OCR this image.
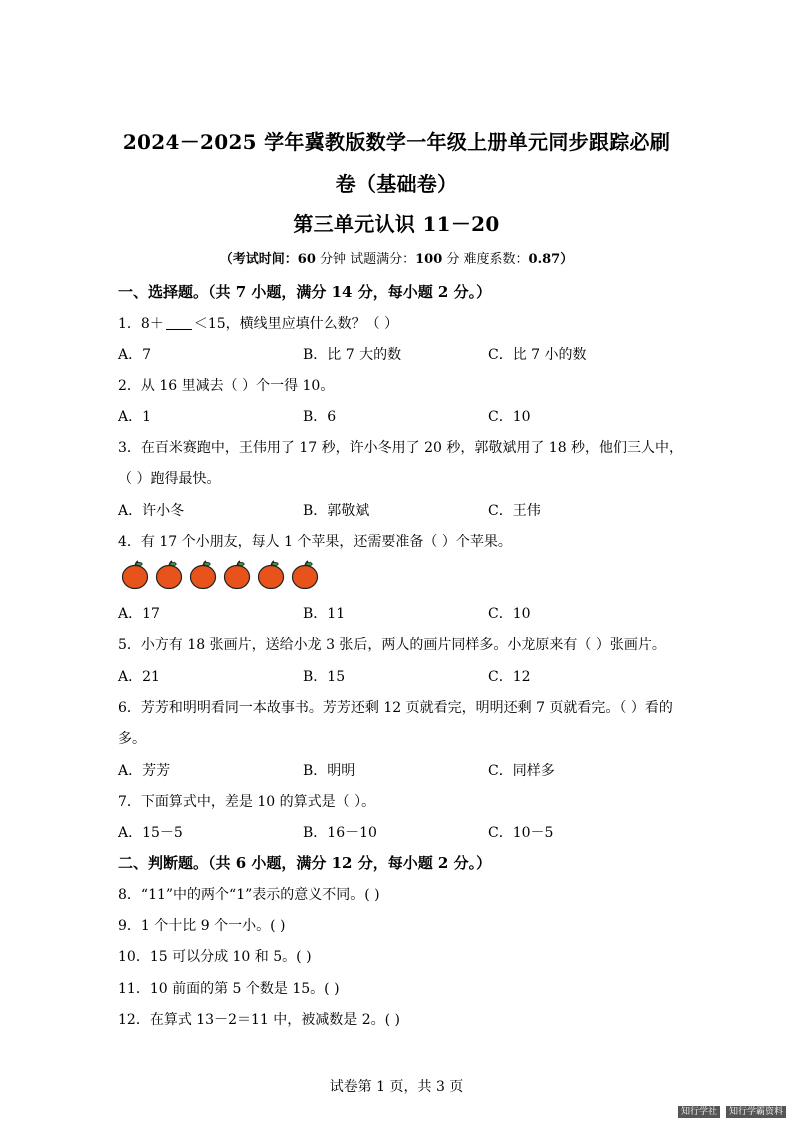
2024－2025 学年冀教版数学一年级上册单元同步跟踪必刷
卷（基础卷）
第三单元认识 11－20
（考试时间：60 分钟 试题满分：100 分 难度系数：0.87）
一、选择题。（共 7 小题，满分 14 分，每小题 2 分。）
1．8＋ ＜15，横线里应填什么数？（ ）
A．7	B．比 7 大的数	C．比 7 小的数
2．从 16 里减去（ ）个一得 10。
A．1	B．6	C．10
3．在百米赛跑中，王伟用了 17 秒，许小冬用了 20 秒，郭敬斌用了 18 秒，他们三人中，
（ ）跑得最快。
A．许小冬	B．郭敬斌	C．王伟
4．有 17 个小朋友，每人 1 个苹果，还需要准备（ ）个苹果。
A．17	B．11	C．10
5．小方有 18 张画片，送给小龙 3 张后，两人的画片同样多。小龙原来有（ ）张画片。
A．21	B．15	C．12
6．芳芳和明明看同一本故事书。芳芳还剩 12 页就看完，明明还剩 7 页就看完。（ ）看的
多。
A．芳芳	B．明明	C．同样多
7．下面算式中，差是 10 的算式是（ ）。
A．15－5	B．16－10	C．10－5
二、判断题。（共 6 小题，满分 12 分，每小题 2 分。）
8．“11”中的两个“1”表示的意义不同。( )
9．1 个十比 9 个一小。( )
10．15 可以分成 10 和 5。( )
11．10 前面的第 5 个数是 15。( )
12．在算式 13－2＝11 中，被减数是 2。( )
试卷第 1 页，共 3 页
知行学社	知行学霸资料
